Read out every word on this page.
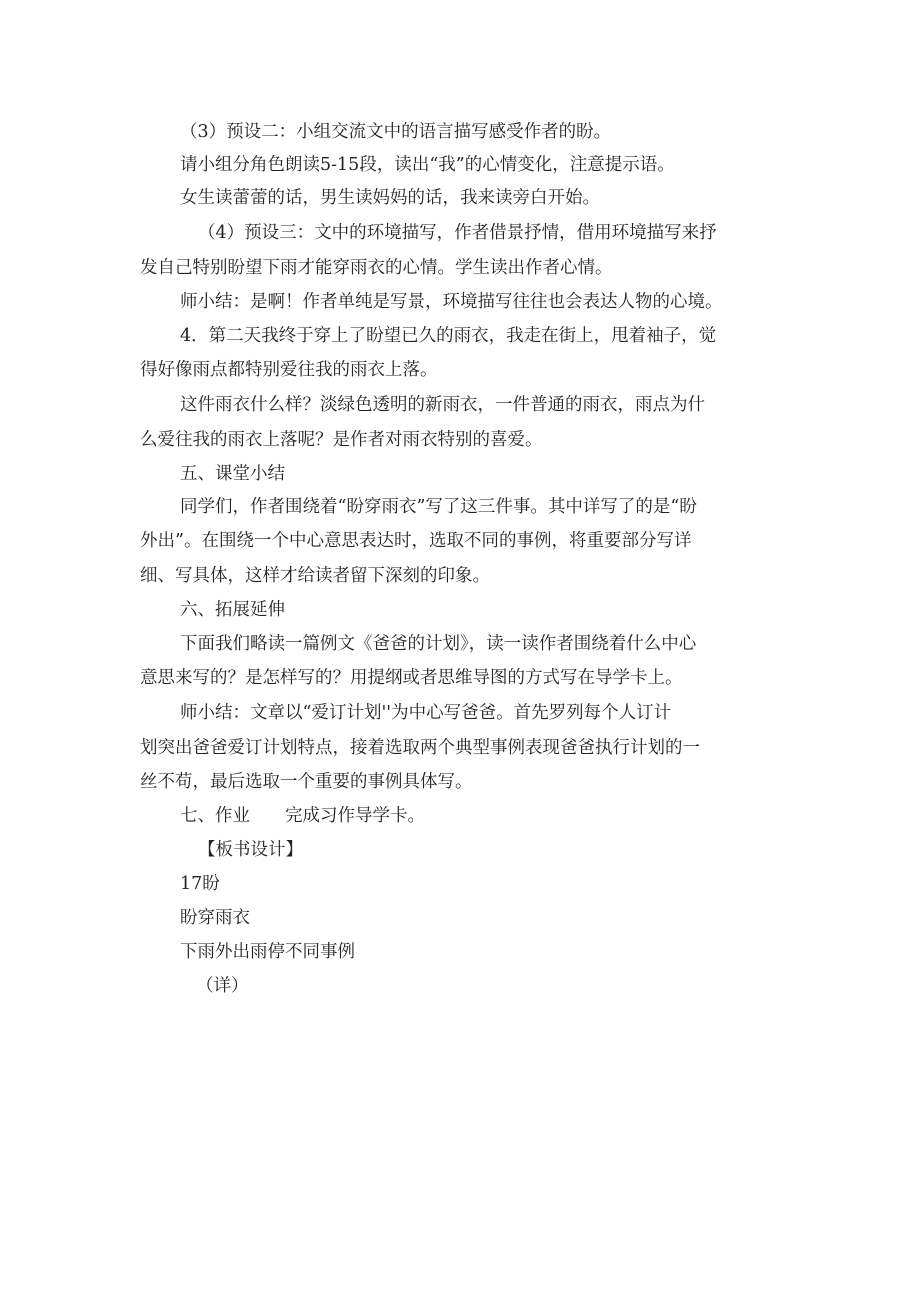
（3）预设二：小组交流文中的语言描写感受作者的盼。
请小组分角色朗读5-15段，读出“我”的心情变化，注意提示语。
女生读蕾蕾的话，男生读妈妈的话，我来读旁白开始。
（4）预设三：文中的环境描写，作者借景抒情，借用环境描写来抒
发自己特别盼望下雨才能穿雨衣的心情。学生读出作者心情。
师小结：是啊！作者单纯是写景，环境描写往往也会表达人物的心境。
4．第二天我终于穿上了盼望已久的雨衣，我走在街上，甩着袖子，觉
得好像雨点都特别爱往我的雨衣上落。
这件雨衣什么样？淡绿色透明的新雨衣，一件普通的雨衣，雨点为什
么爱往我的雨衣上落呢？是作者对雨衣特别的喜爱。
五、课堂小结
同学们，作者围绕着“盼穿雨衣”写了这三件事。其中详写了的是“盼
外出”。在围绕一个中心意思表达时，选取不同的事例，将重要部分写详
细、写具体，这样才给读者留下深刻的印象。
六、拓展延伸
下面我们略读一篇例文《爸爸的计划》，读一读作者围绕着什么中心
意思来写的？是怎样写的？用提纲或者思维导图的方式写在导学卡上。
师小结：文章以“爱订计划''为中心写爸爸。首先罗列每个人订计
划突出爸爸爱订计划特点，接着选取两个典型事例表现爸爸执行计划的一
丝不苟，最后选取一个重要的事例具体写。
七、作业　　完成习作导学卡。
【板书设计】
17盼
盼穿雨衣
下雨外出雨停不同事例
（详）
